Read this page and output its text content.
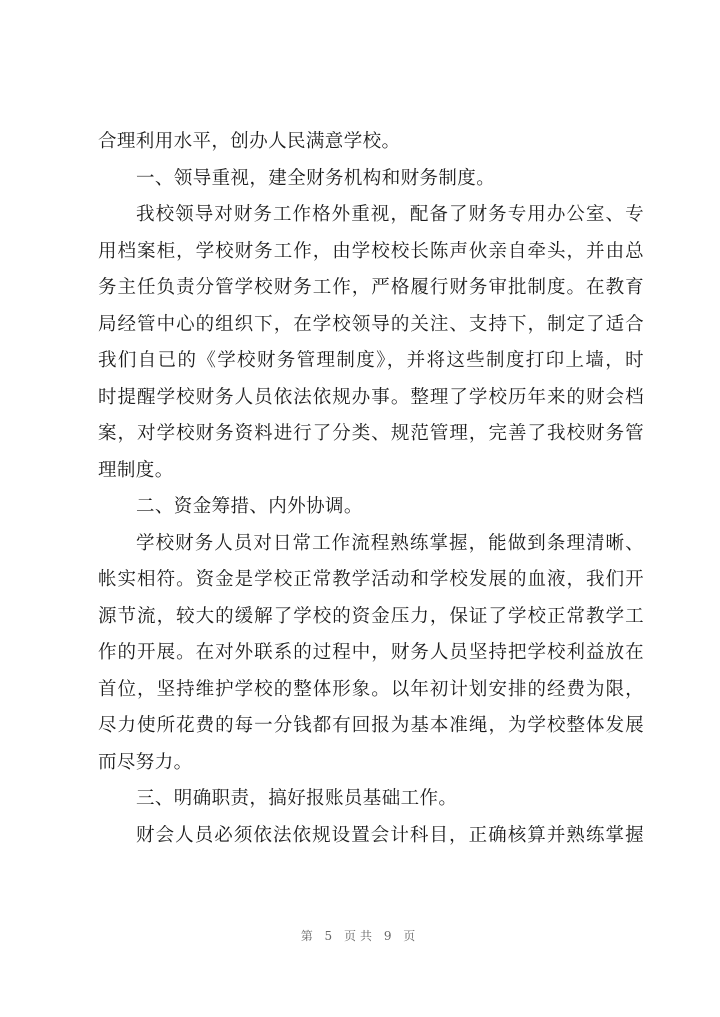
合理利用水平，创办人民满意学校。
一、领导重视，建全财务机构和财务制度。
我校领导对财务工作格外重视，配备了财务专用办公室、专
用档案柜，学校财务工作，由学校校长陈声伙亲自牵头，并由总
务主任负责分管学校财务工作，严格履行财务审批制度。在教育
局经管中心的组织下，在学校领导的关注、支持下，制定了适合
我们自已的《学校财务管理制度》，并将这些制度打印上墙，时
时提醒学校财务人员依法依规办事。整理了学校历年来的财会档
案，对学校财务资料进行了分类、规范管理，完善了我校财务管
理制度。
二、资金筹措、内外协调。
学校财务人员对日常工作流程熟练掌握，能做到条理清晰、
帐实相符。资金是学校正常教学活动和学校发展的血液，我们开
源节流，较大的缓解了学校的资金压力，保证了学校正常教学工
作的开展。在对外联系的过程中，财务人员坚持把学校利益放在
首位，坚持维护学校的整体形象。以年初计划安排的经费为限，
尽力使所花费的每一分钱都有回报为基本准绳，为学校整体发展
而尽努力。
三、明确职责，搞好报账员基础工作。
财会人员必须依法依规设置会计科目，正确核算并熟练掌握
第 5 页共 9 页
